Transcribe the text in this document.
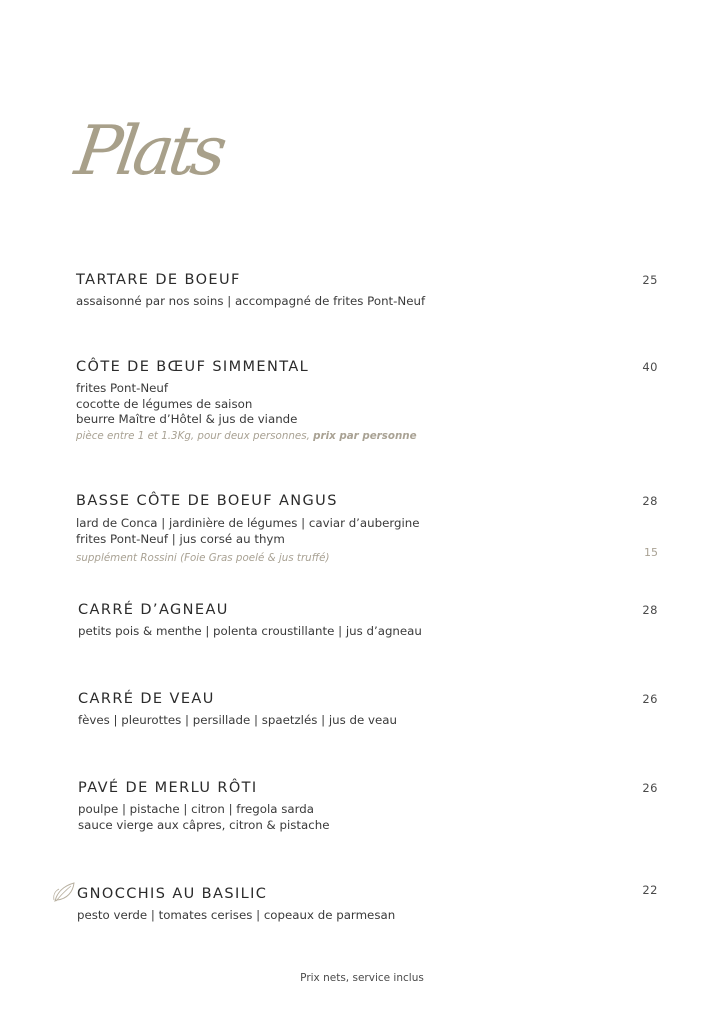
Plats
TARTARE DE BOEUF	25
assaisonné par nos soins | accompagné de frites Pont-Neuf
CÔTE DE BŒUF SIMMENTAL	40
frites Pont-Neuf
cocotte de légumes de saison
beurre Maître d’Hôtel & jus de viande
pièce entre 1 et 1.3Kg, pour deux personnes, prix par personne
BASSE CÔTE DE BOEUF ANGUS	28
lard de Conca | jardinière de légumes | caviar d’aubergine
frites Pont-Neuf | jus corsé au thym
supplément Rossini (Foie Gras poelé & jus truffé)	15
CARRÉ D’AGNEAU	28
petits pois & menthe | polenta croustillante | jus d’agneau
CARRÉ DE VEAU	26
fèves | pleurottes | persillade | spaetzlés | jus de veau
PAVÉ DE MERLU RÔTI	26
poulpe | pistache | citron | fregola sarda
sauce vierge aux câpres, citron & pistache
GNOCCHIS AU BASILIC	22
pesto verde | tomates cerises | copeaux de parmesan
Prix nets, service inclus
